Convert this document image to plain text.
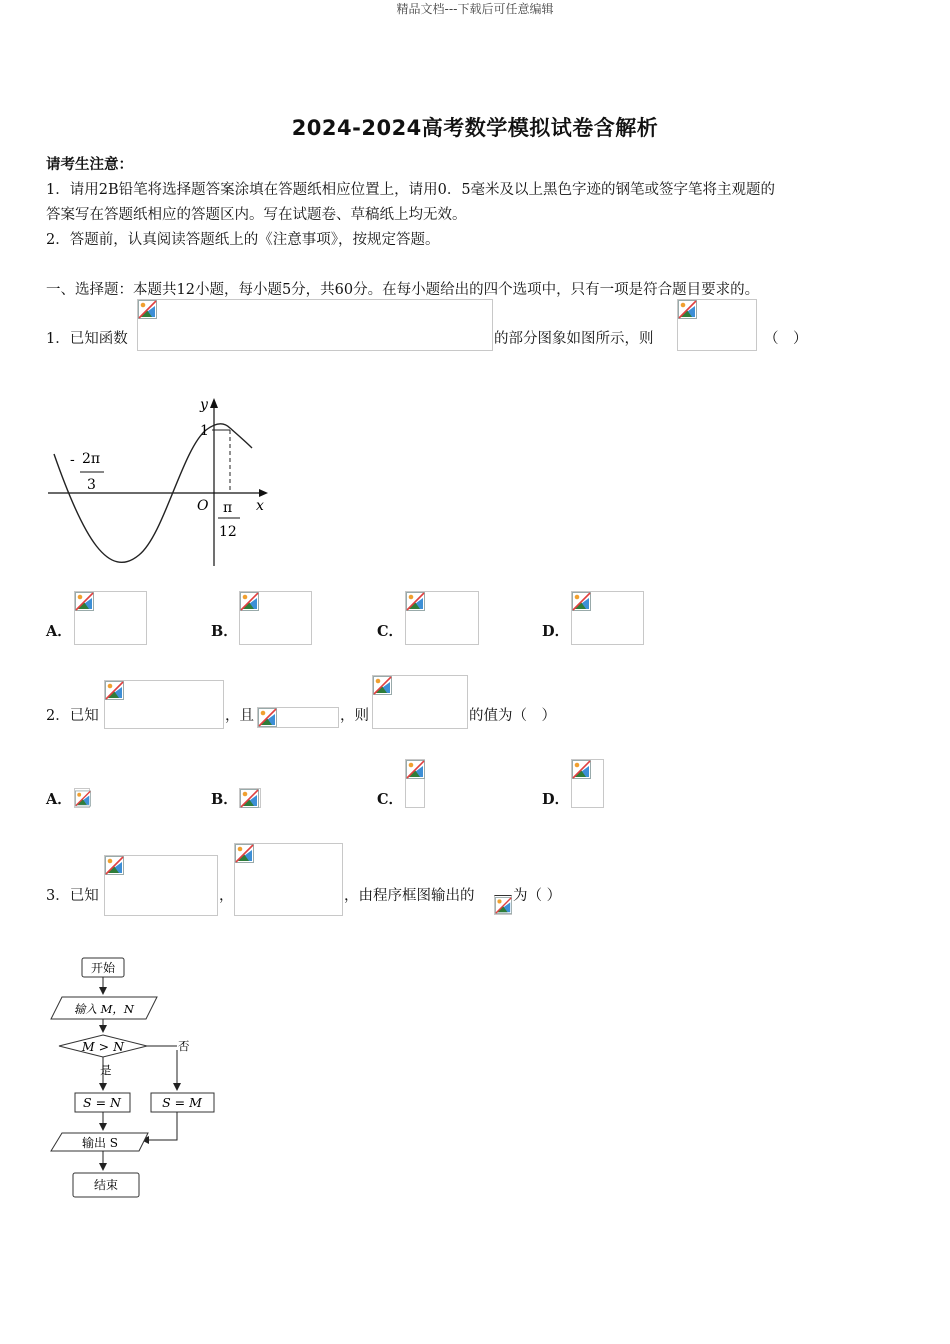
精品文档---下载后可任意编辑
2024-2024高考数学模拟试卷含解析
请考生注意：
1．请用2B铅笔将选择题答案涂填在答题纸相应位置上，请用0．5毫米及以上黑色字迹的钢笔或签字笔将主观题的
答案写在答题纸相应的答题区内。写在试题卷、草稿纸上均无效。
2．答题前，认真阅读答题纸上的《注意事项》，按规定答题。
一、选择题：本题共12小题，每小题5分，共60分。在每小题给出的四个选项中，只有一项是符合题目要求的。
1．已知函数	的部分图象如图所示，则	（　）
y
x
O
1
- 2π
3
π
12
A．	B．	C．	D．
2．已知	，且	，则	的值为（　）
A．	B．	C．	D．
3．已知	，	，由程序框图输出的	为（ ）
开始
输入 M，N
M > N	否
是
S = N	S = M
输出 S
结束
